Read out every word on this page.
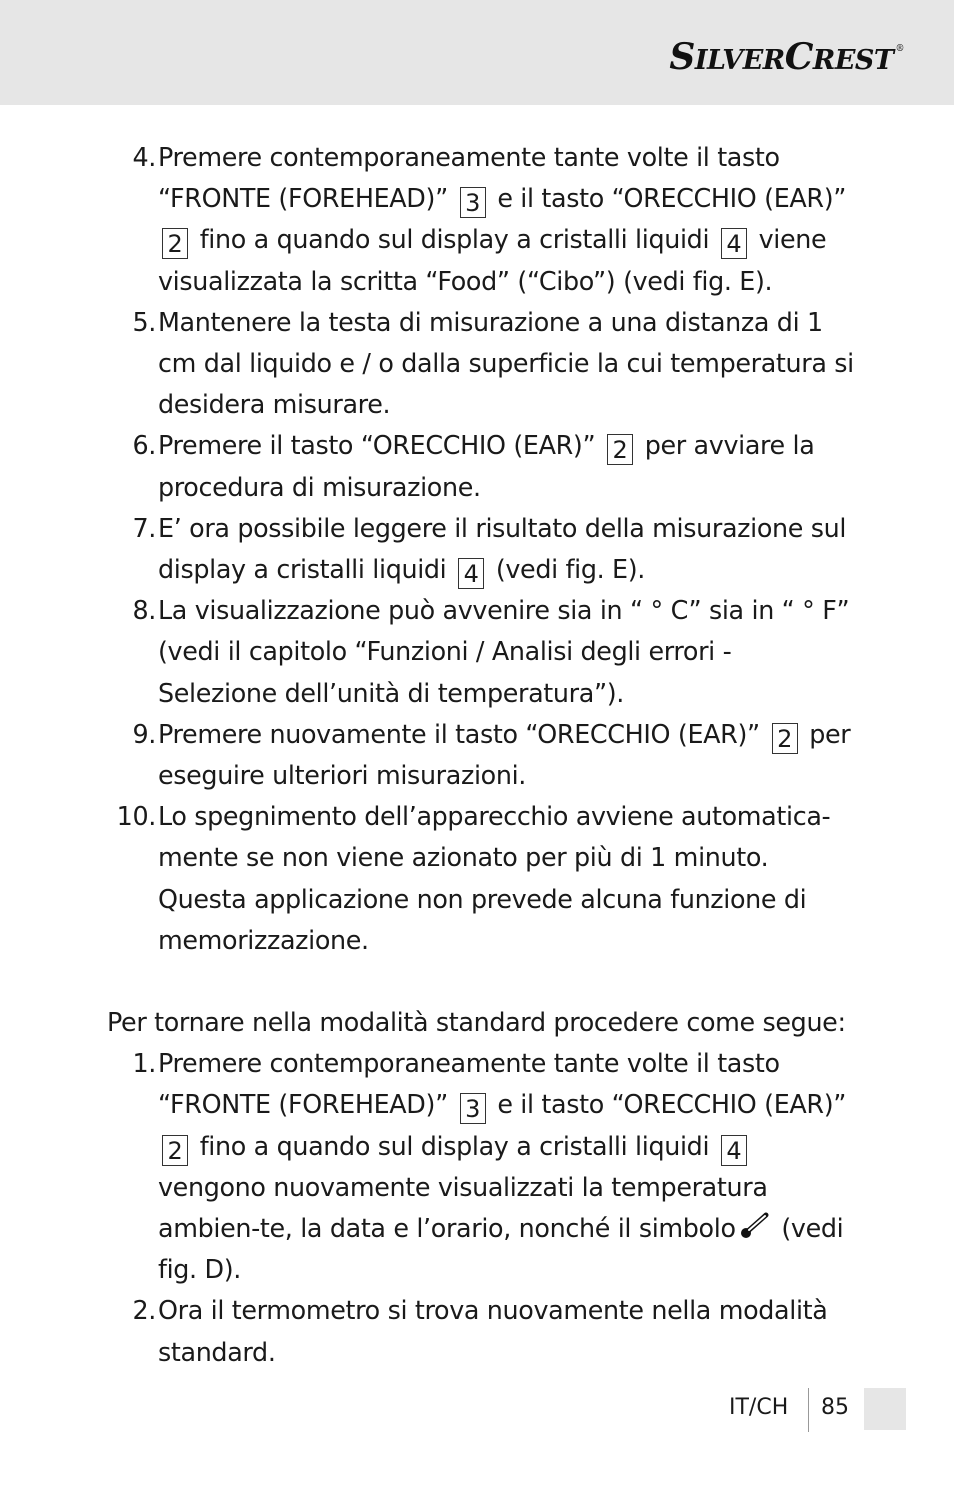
SILVERCREST ®
4. Premere contemporaneamente tante volte il tasto “FRONTE (FOREHEAD)” 3 e il tasto “ORECCHIO (EAR)” 2 fino a quando sul display a cristalli liquidi 4 viene visualizzata la scritta “Food” (“Cibo”) (vedi fig. E).
5. Mantenere la testa di misurazione a una distanza di 1 cm dal liquido e / o dalla superficie la cui temperatura si desidera misurare.
6. Premere il tasto “ORECCHIO (EAR)” 2 per avviare la procedura di misurazione.
7. E’ ora possibile leggere il risultato della misurazione sul display a cristalli liquidi 4 (vedi fig. E).
8. La visualizzazione può avvenire sia in “ ° C” sia in “ ° F” (vedi il capitolo “Funzioni / Analisi degli errori - Selezione dell’unità di temperatura”).
9. Premere nuovamente il tasto “ORECCHIO (EAR)” 2 per eseguire ulteriori misurazioni.
10. Lo spegnimento dell’apparecchio avviene automatica-mente se non viene azionato per più di 1 minuto. Questa applicazione non prevede alcuna funzione di memorizzazione.
Per tornare nella modalità standard procedere come segue:
1. Premere contemporaneamente tante volte il tasto “FRONTE (FOREHEAD)” 3 e il tasto “ORECCHIO (EAR)” 2 fino a quando sul display a cristalli liquidi 4 vengono nuovamente visualizzati la temperatura ambien-te, la data e l’orario, nonché il simbolo (vedi fig. D).
2. Ora il termometro si trova nuovamente nella modalità standard.
IT/CH 85
